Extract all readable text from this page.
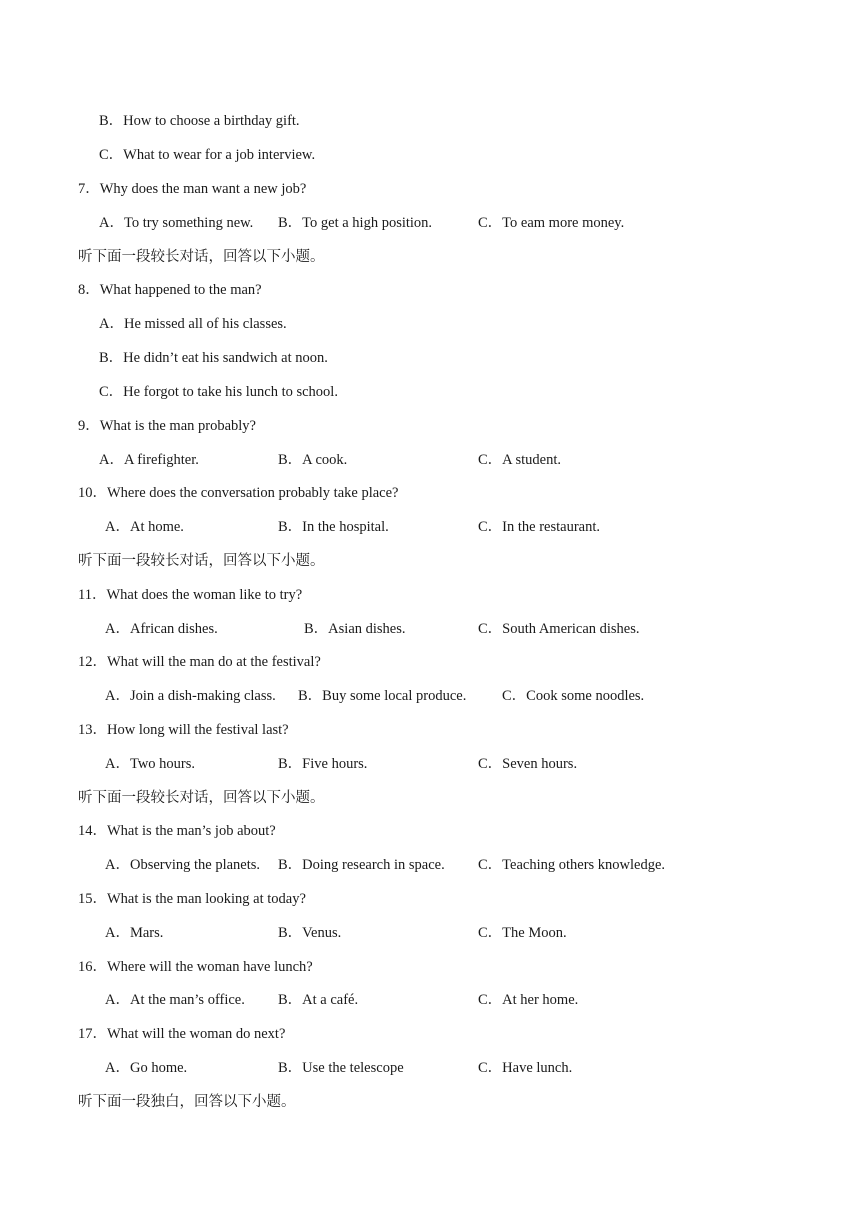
B．How to choose a birthday gift.
C．What to wear for a job interview.
7．Why does the man want a new job?
A．To try something new. B．To get a high position.	C．To eam more money.
听下面一段较长对话，回答以下小题。
8．What happened to the man?
A．He missed all of his classes.
B．He didn’t eat his sandwich at noon.
C．He forgot to take his lunch to school.
9．What is the man probably?
A．A firefighter.	B．A cook.	C．A student.
10．Where does the conversation probably take place?
A．At home.	B．In the hospital.	C．In the restaurant.
听下面一段较长对话，回答以下小题。
11．What does the woman like to try?
A．African dishes.	B．Asian dishes.	C．South American dishes.
12．What will the man do at the festival?
A．Join a dish-making class. B．Buy some local produce. C．Cook some noodles.
13．How long will the festival last?
A．Two hours.	B．Five hours.	C．Seven hours.
听下面一段较长对话，回答以下小题。
14．What is the man’s job about?
A．Observing the planets. B．Doing research in space. C．Teaching others knowledge.
15．What is the man looking at today?
A．Mars.	B．Venus.	C．The Moon.
16．Where will the woman have lunch?
A．At the man’s office. B．At a café.	C．At her home.
17．What will the woman do next?
A．Go home.	B．Use the telescope	C．Have lunch.
听下面一段独白，回答以下小题。
